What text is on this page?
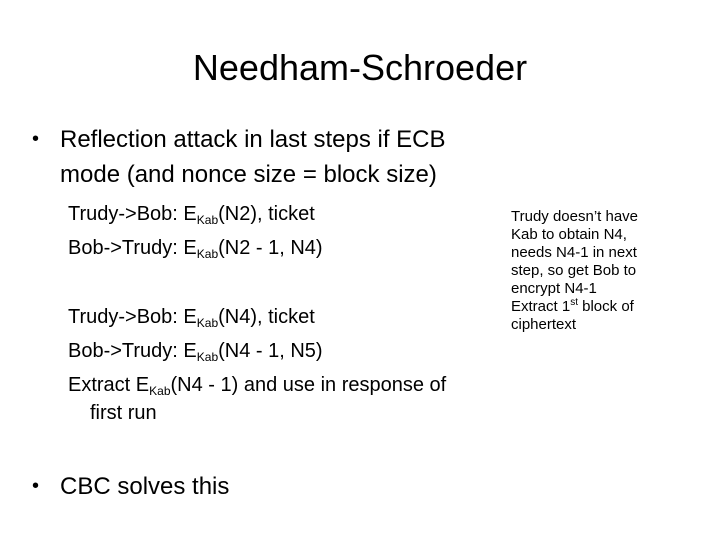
Needham-Schroeder
• Reflection attack in last steps if ECB
mode (and nonce size = block size)
Trudy->Bob: $E_{Kab}(N2)$, ticket
Bob->Trudy: $E_{Kab}(N2 - 1$, N4)
Trudy->Bob: $E_{Kab}(N4)$, ticket
Bob->Trudy: $E_{Kab}(N4 - 1$, N5)
Extract $E_{Kab}(N4 - 1)$ and use in response of
first run
Trudy doesn’t have
Kab to obtain N4,
needs N4-1 in next
step, so get Bob to
encrypt N4-1
Extract 1st block of
ciphertext
• CBC solves this
